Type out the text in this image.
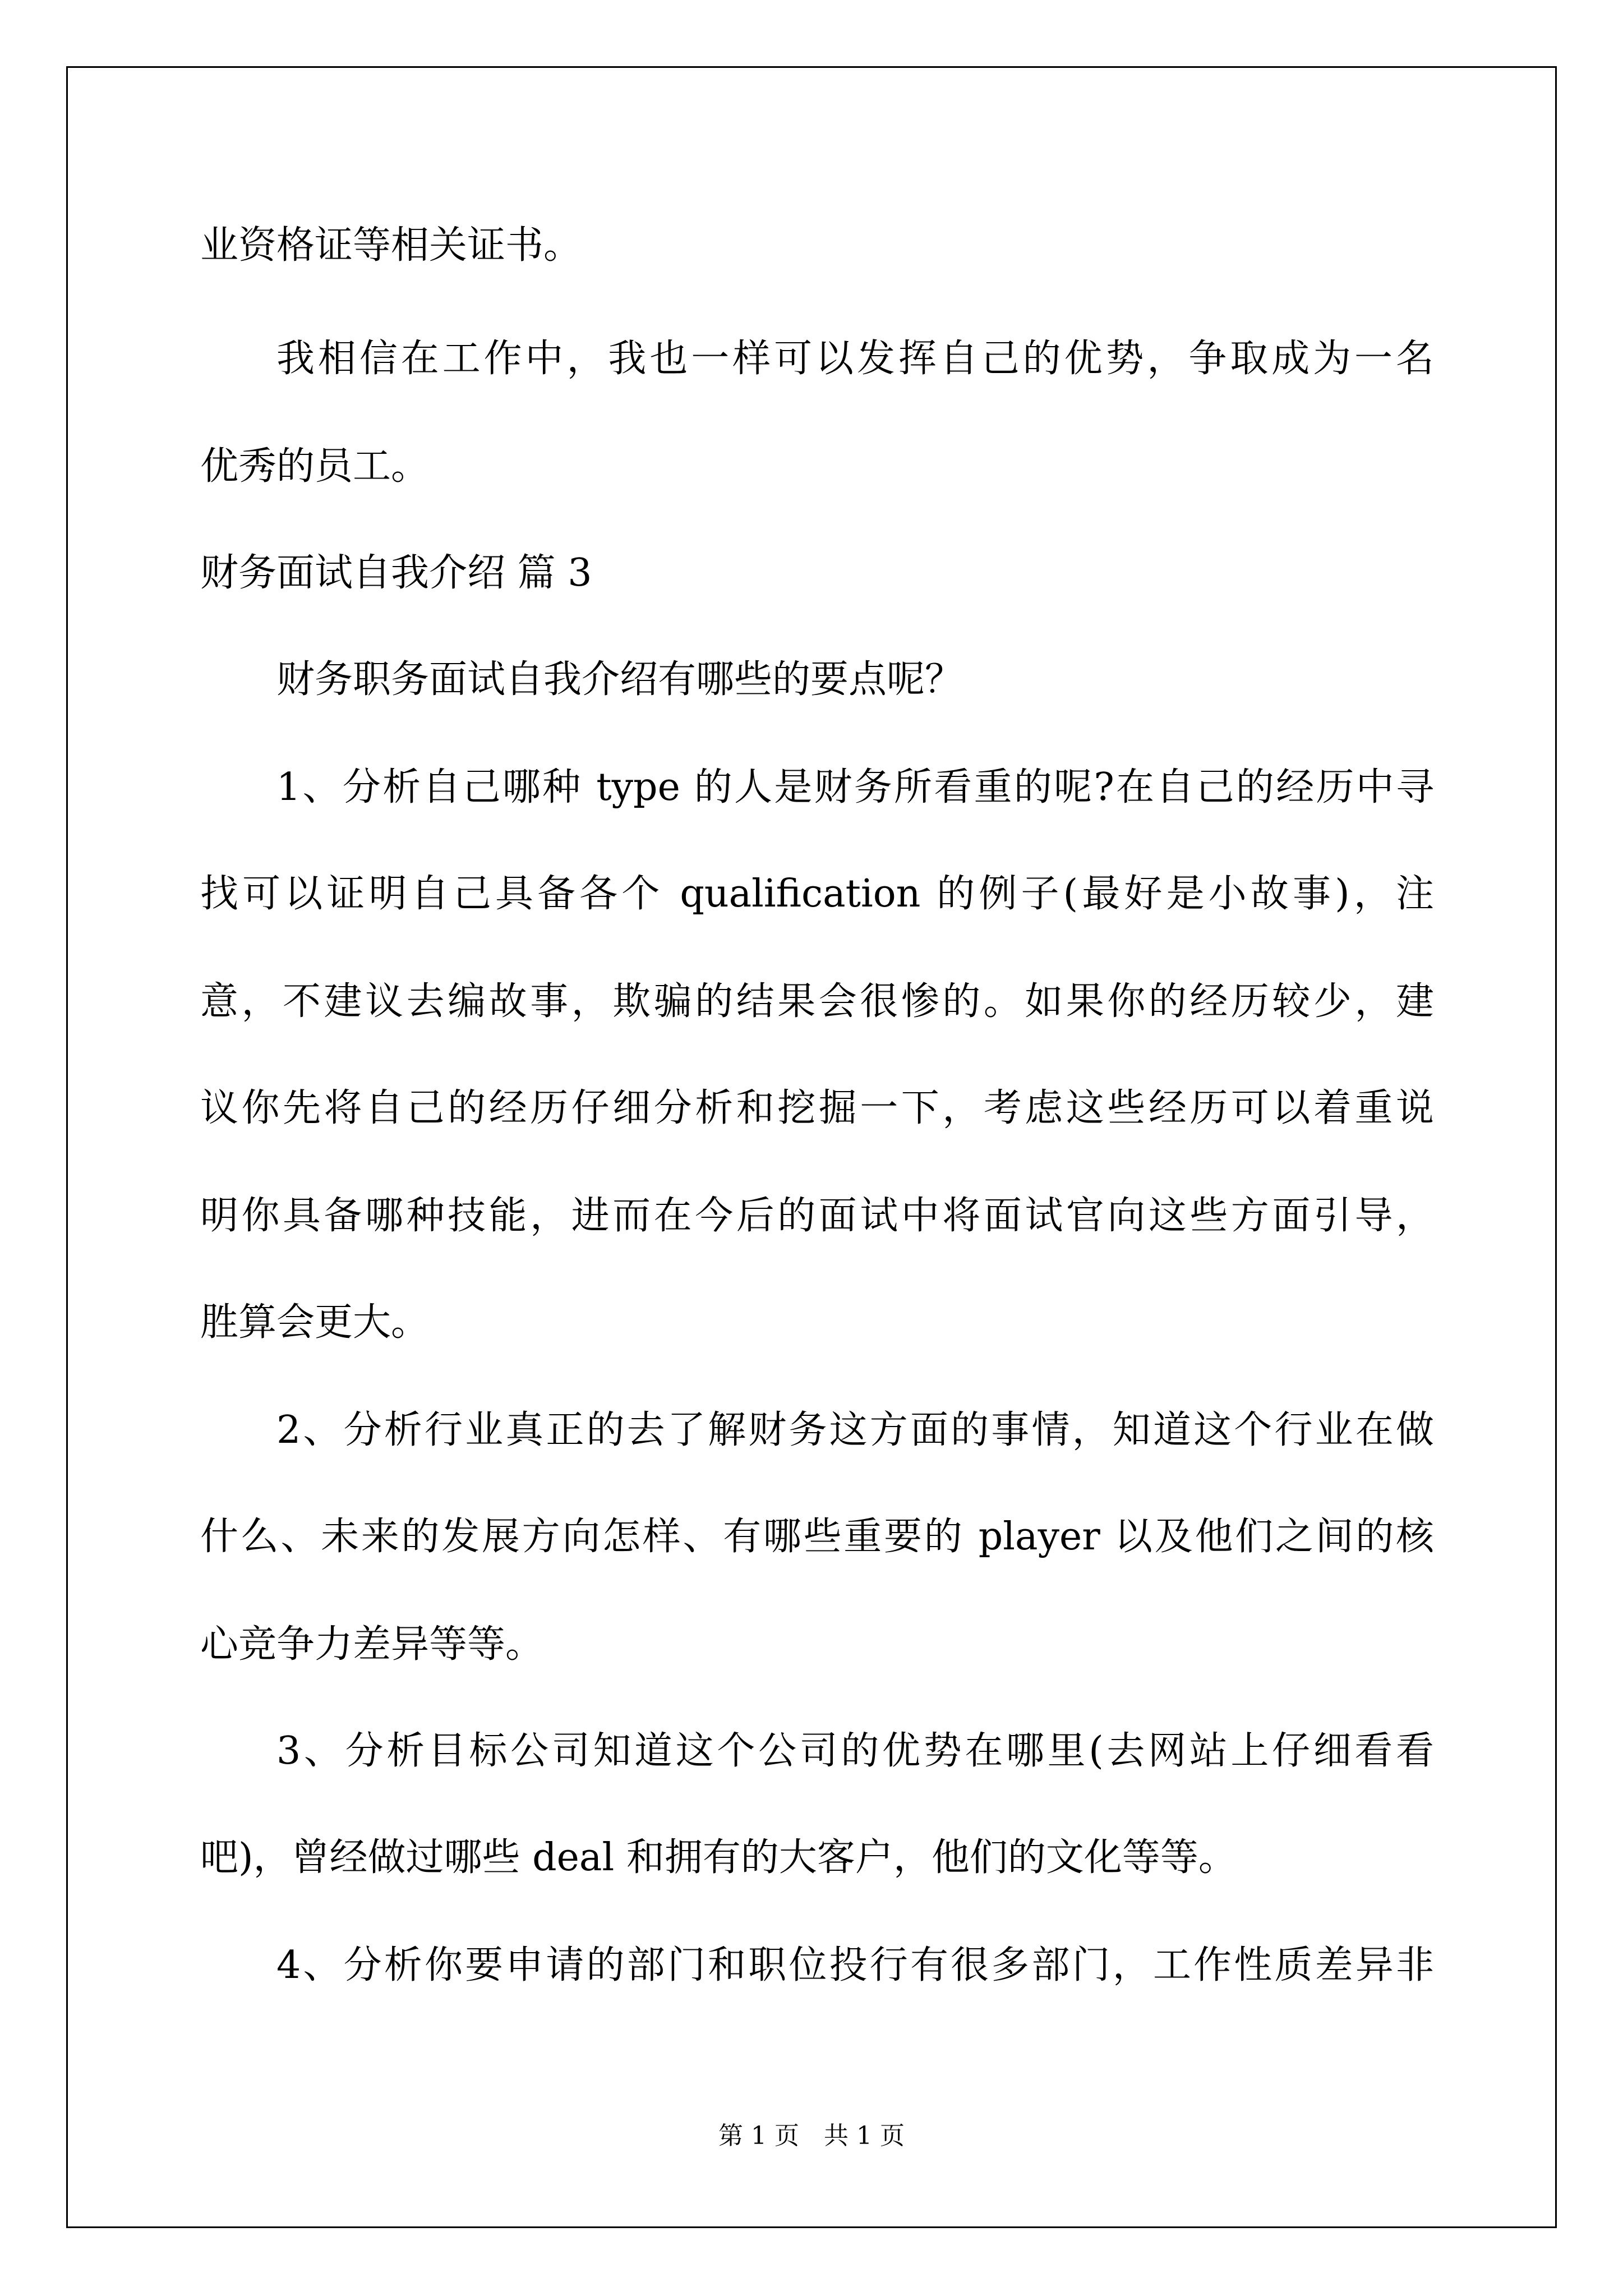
业资格证等相关证书。
我相信在工作中，我也一样可以发挥自己的优势，争取成为一名
优秀的员工。
财务面试自我介绍 篇 3
财务职务面试自我介绍有哪些的要点呢？
1、分析自己哪种 type 的人是财务所看重的呢?在自己的经历中寻
找可以证明自己具备各个 qualification 的例子(最好是小故事)，注
意，不建议去编故事，欺骗的结果会很惨的。如果你的经历较少，建
议你先将自己的经历仔细分析和挖掘一下，考虑这些经历可以着重说
明你具备哪种技能，进而在今后的面试中将面试官向这些方面引导，
胜算会更大。
2、分析行业真正的去了解财务这方面的事情，知道这个行业在做
什么、未来的发展方向怎样、有哪些重要的 player 以及他们之间的核
心竞争力差异等等。
3、分析目标公司知道这个公司的优势在哪里(去网站上仔细看看
吧)，曾经做过哪些 deal 和拥有的大客户，他们的文化等等。
4、分析你要申请的部门和职位投行有很多部门，工作性质差异非
第 1 页　共 1 页
